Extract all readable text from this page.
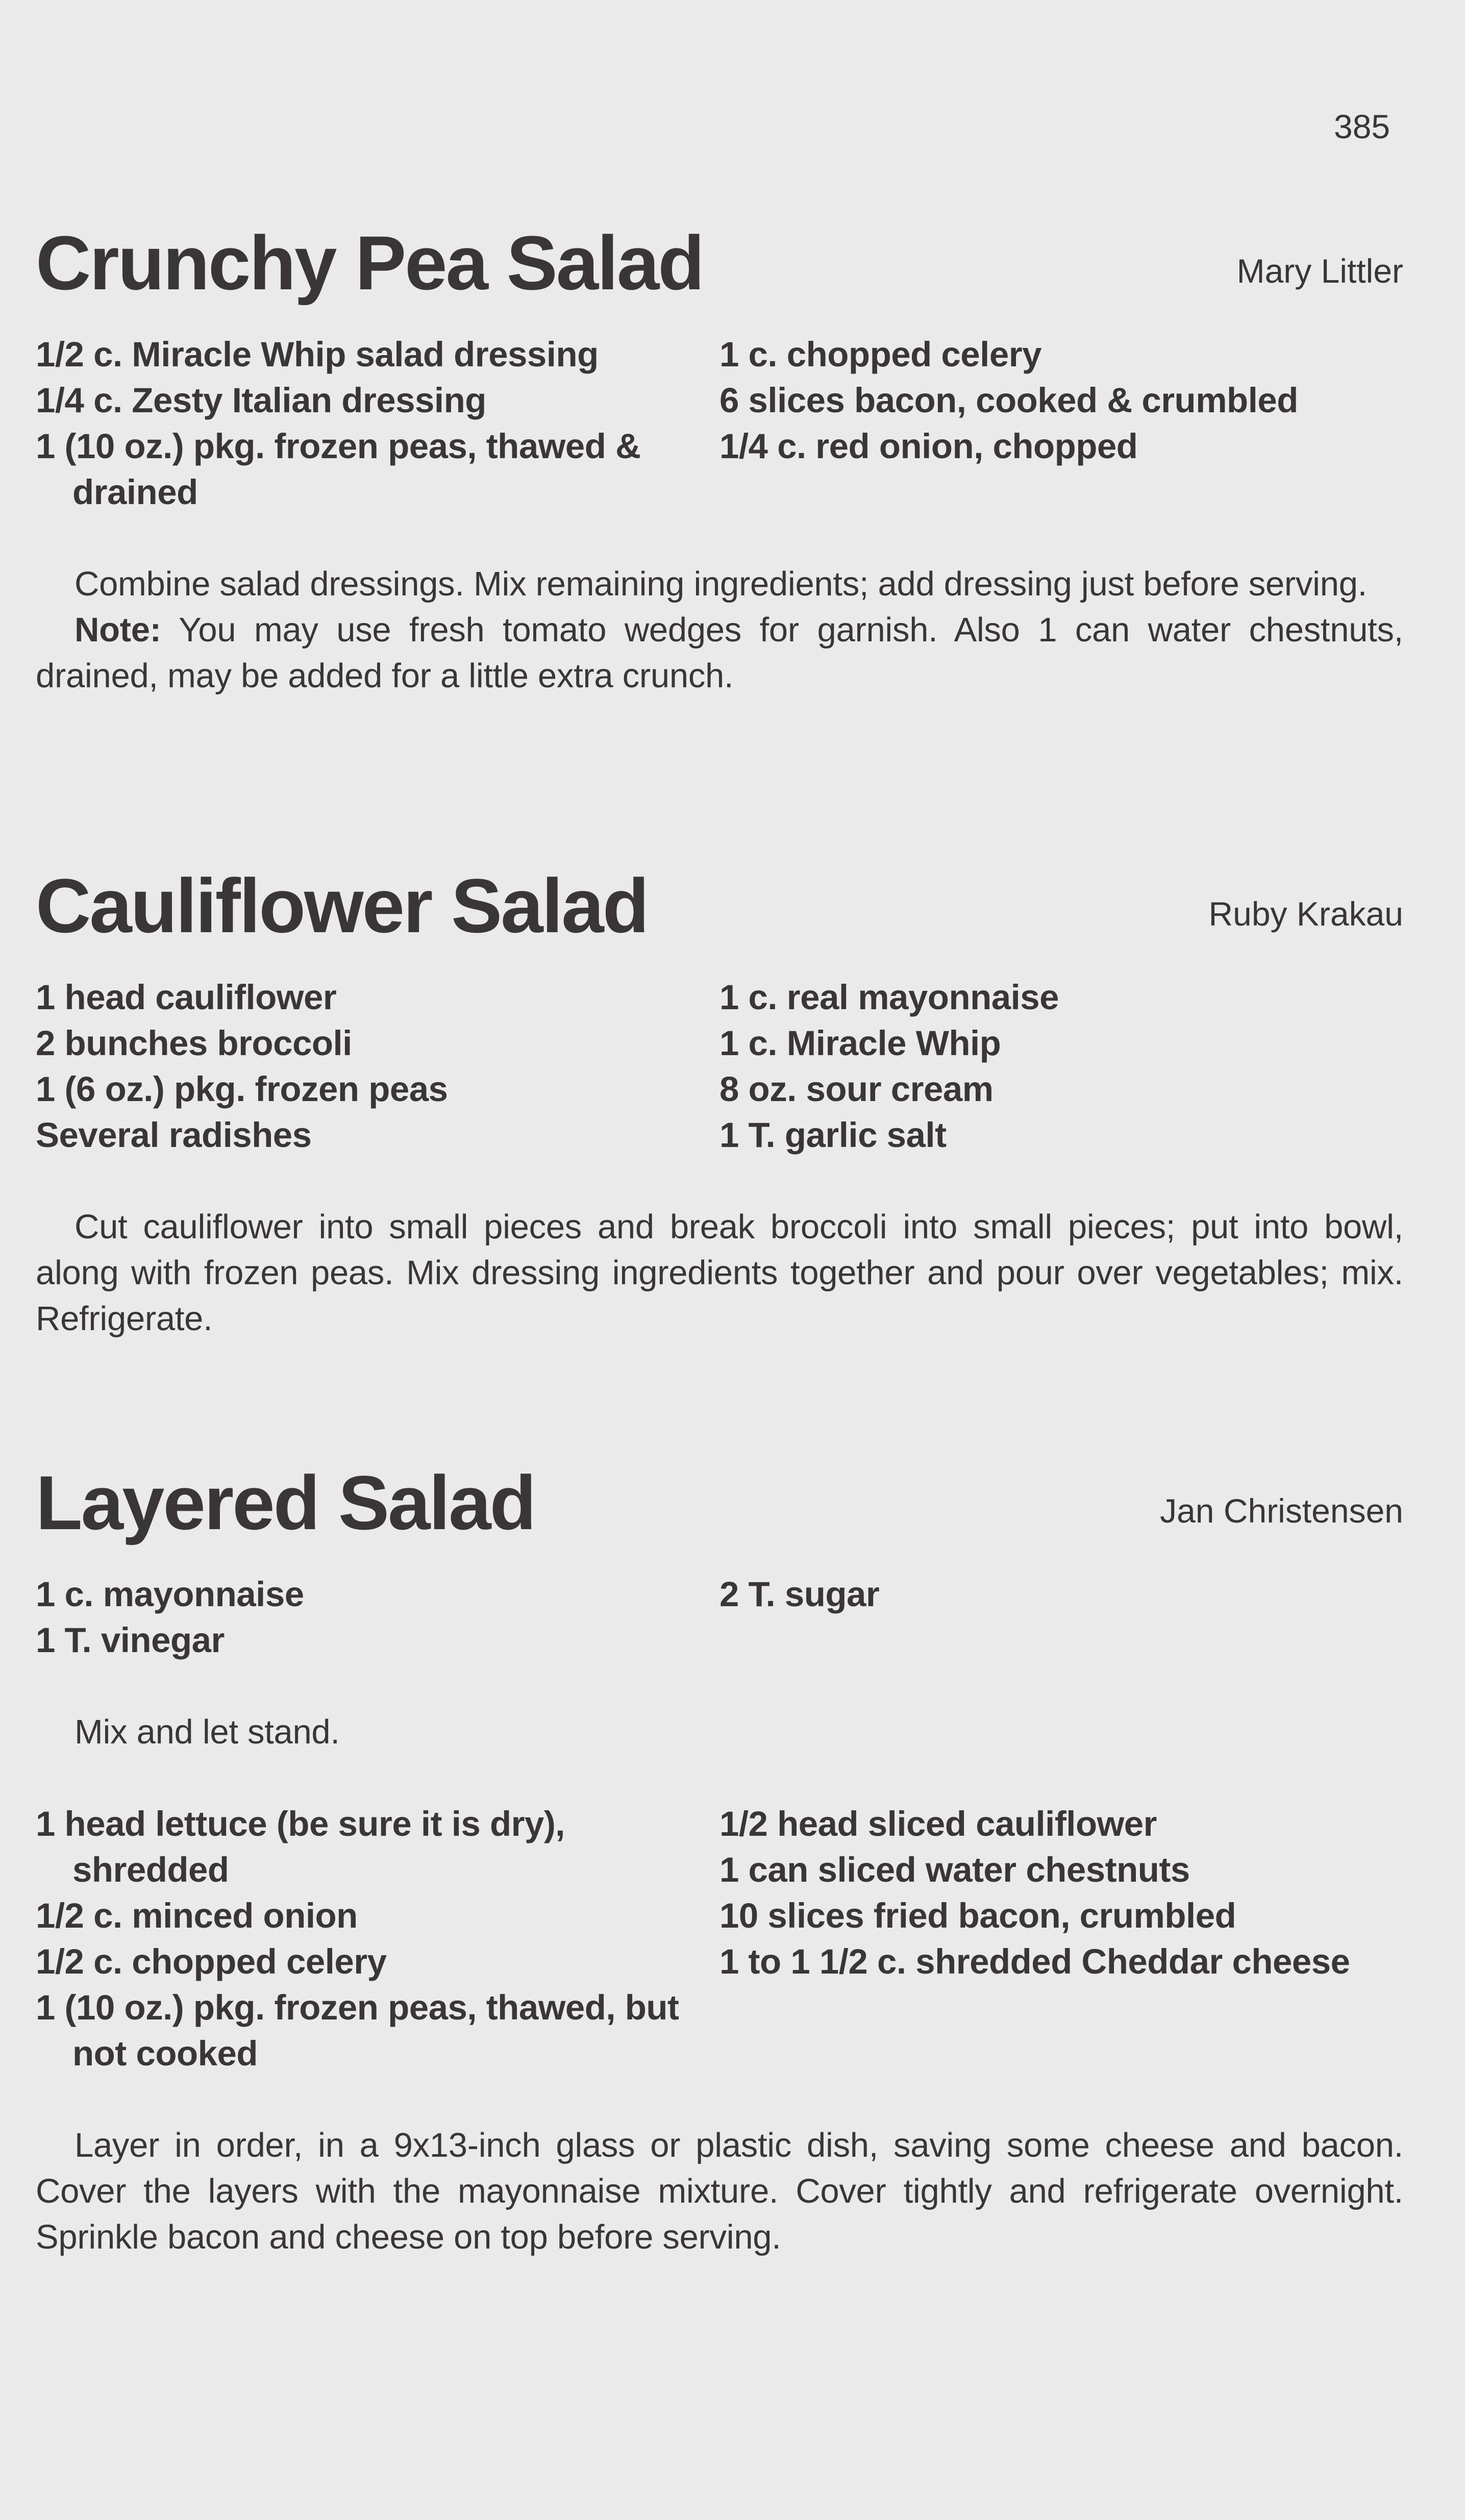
385
Crunchy Pea Salad	Mary Littler
1/2 c. Miracle Whip salad dressing
1/4 c. Zesty Italian dressing
1 (10 oz.) pkg. frozen peas, thawed & drained
1 c. chopped celery
6 slices bacon, cooked & crumbled
1/4 c. red onion, chopped

Combine salad dressings. Mix remaining ingredients; add dressing just before serving.

Note: You may use fresh tomato wedges for garnish. Also 1 can water chestnuts, drained, may be added for a little extra crunch.

Cauliflower Salad	Ruby Krakau
1 head cauliflower
2 bunches broccoli
1 (6 oz.) pkg. frozen peas
Several radishes
1 c. real mayonnaise
1 c. Miracle Whip
8 oz. sour cream
1 T. garlic salt

Cut cauliflower into small pieces and break broccoli into small pieces; put into bowl, along with frozen peas. Mix dressing ingredients together and pour over vegetables; mix. Refrigerate.

Layered Salad	Jan Christensen
1 c. mayonnaise
1 T. vinegar
2 T. sugar

Mix and let stand.

1 head lettuce (be sure it is dry), shredded
1/2 c. minced onion
1/2 c. chopped celery
1 (10 oz.) pkg. frozen peas, thawed, but not cooked
1/2 head sliced cauliflower
1 can sliced water chestnuts
10 slices fried bacon, crumbled
1 to 1 1/2 c. shredded Cheddar cheese

Layer in order, in a 9x13-inch glass or plastic dish, saving some cheese and bacon. Cover the layers with the mayonnaise mixture. Cover tightly and refrigerate overnight. Sprinkle bacon and cheese on top before serving.
